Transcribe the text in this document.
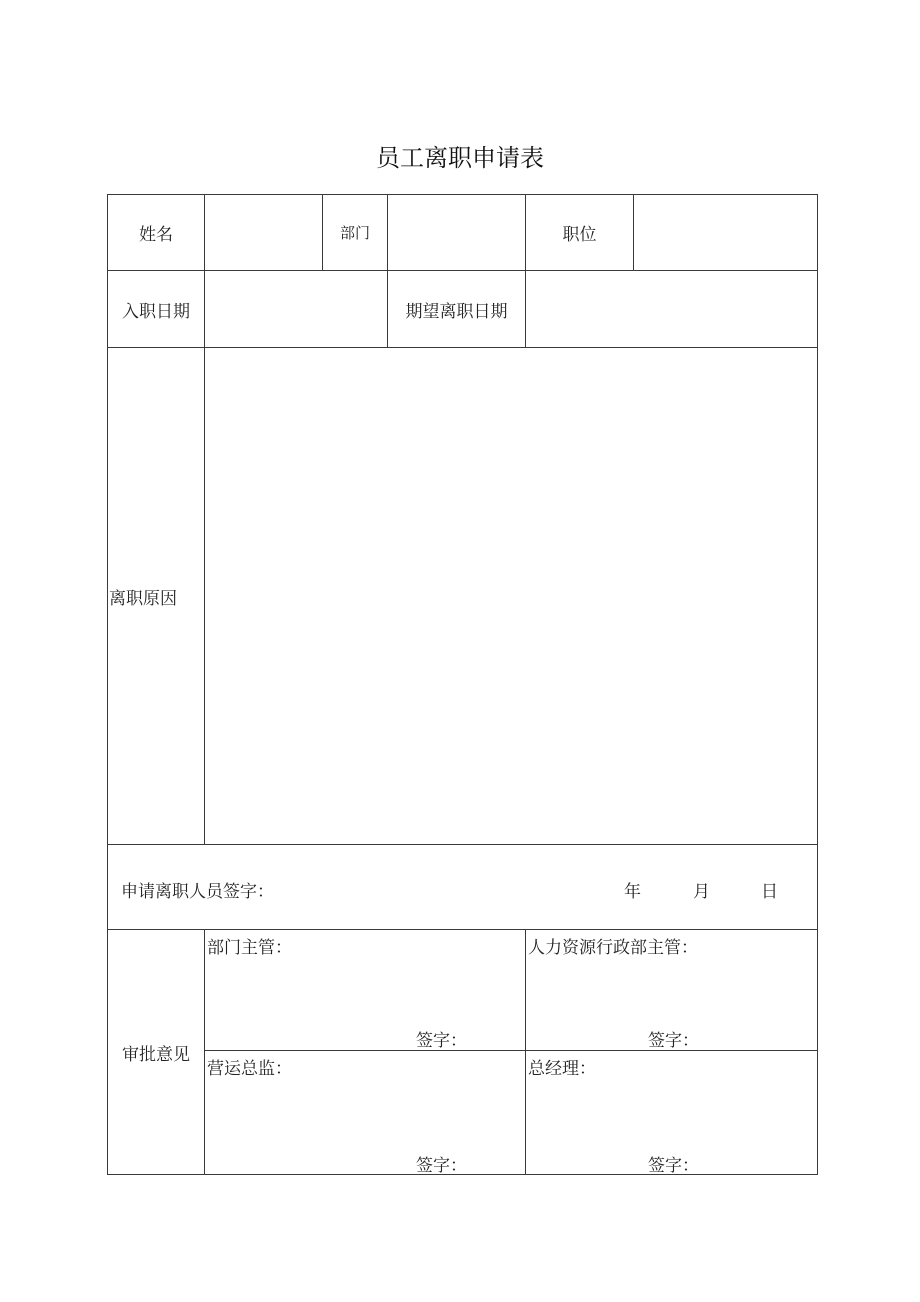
员工离职申请表
姓名	部门	职位
入职日期	期望离职日期
离职原因
申请离职人员签字：	年	月	日
审批意见
部门主管：
签字：
人力资源行政部主管：
签字：
营运总监：
签字：
总经理：
签字：
